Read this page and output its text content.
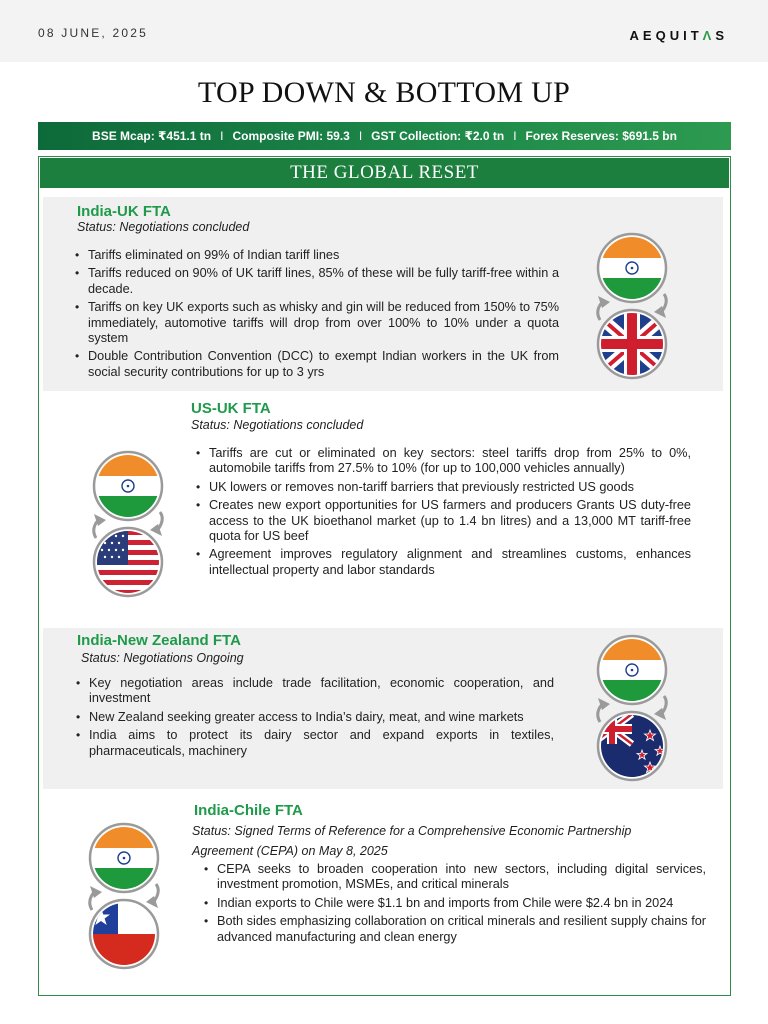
08 JUNE, 2025	AEQUITΛS
TOP DOWN & BOTTOM UP
BSE Mcap: ₹451.1 tn I Composite PMI: 59.3 I GST Collection: ₹2.0 tn I Forex Reserves: $691.5 bn
THE GLOBAL RESET
India-UK FTA
Status: Negotiations concluded
• Tariffs eliminated on 99% of Indian tariff lines
• Tariffs reduced on 90% of UK tariff lines, 85% of these will be fully tariff-free within a decade.
• Tariffs on key UK exports such as whisky and gin will be reduced from 150% to 75% immediately, automotive tariffs will drop from over 100% to 10% under a quota system
• Double Contribution Convention (DCC) to exempt Indian workers in the UK from social security contributions for up to 3 yrs
US-UK FTA
Status: Negotiations concluded
• Tariffs are cut or eliminated on key sectors: steel tariffs drop from 25% to 0%, automobile tariffs from 27.5% to 10% (for up to 100,000 vehicles annually)
• UK lowers or removes non-tariff barriers that previously restricted US goods
• Creates new export opportunities for US farmers and producers Grants US duty-free access to the UK bioethanol market (up to 1.4 bn litres) and a 13,000 MT tariff-free quota for US beef
• Agreement improves regulatory alignment and streamlines customs, enhances intellectual property and labor standards
India-New Zealand FTA
Status: Negotiations Ongoing
• Key negotiation areas include trade facilitation, economic cooperation, and investment
• New Zealand seeking greater access to India’s dairy, meat, and wine markets
• India aims to protect its dairy sector and expand exports in textiles, pharmaceuticals, machinery
India-Chile FTA
Status: Signed Terms of Reference for a Comprehensive Economic Partnership Agreement (CEPA) on May 8, 2025
• CEPA seeks to broaden cooperation into new sectors, including digital services, investment promotion, MSMEs, and critical minerals
• Indian exports to Chile were $1.1 bn and imports from Chile were $2.4 bn in 2024
• Both sides emphasizing collaboration on critical minerals and resilient supply chains for advanced manufacturing and clean energy
